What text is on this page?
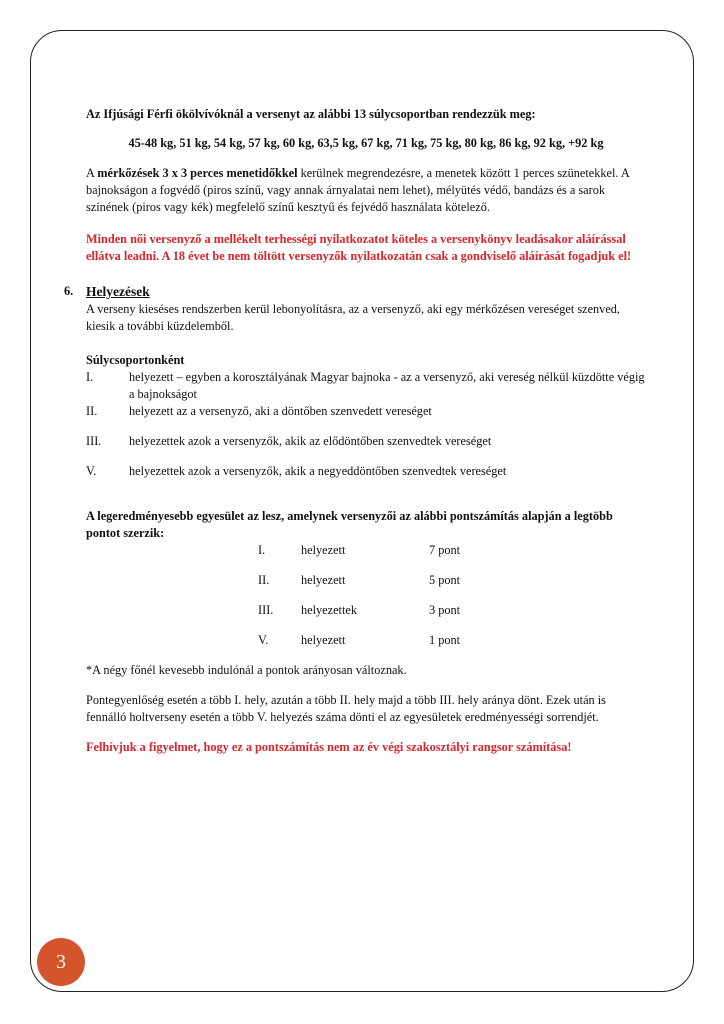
Az Ifjúsági Férfi ökölvívóknál a versenyt az alábbi 13 súlycsoportban rendezzük meg:

45-48 kg, 51 kg, 54 kg, 57 kg, 60 kg, 63,5 kg, 67 kg, 71 kg, 75 kg, 80 kg, 86 kg, 92 kg, +92 kg

A mérkőzések 3 x 3 perces menetidőkkel kerülnek megrendezésre, a menetek között 1 perces szünetekkel. A bajnokságon a fogvédő (piros színű, vagy annak árnyalatai nem lehet), mélyütés védő, bandázs és a sarok színének (piros vagy kék) megfelelő színű kesztyű és fejvédő használata kötelező.

Minden női versenyző a mellékelt terhességi nyilatkozatot köteles a versenykönyv leadásakor aláírással ellátva leadni. A 18 évet be nem töltött versenyzők nyilatkozatán csak a gondviselő aláírását fogadjuk el!

6. Helyezések

A verseny kieséses rendszerben kerül lebonyolításra, az a versenyző, aki egy mérkőzésen vereséget szenved, kiesik a további küzdelemből.

Súlycsoportonként

I.	helyezett – egyben a korosztályának Magyar bajnoka - az a versenyző, aki vereség nélkül küzdötte végig a bajnokságot
II.	helyezett az a versenyző, aki a döntőben szenvedett vereséget
III.	helyezettek azok a versenyzők, akik az elődöntőben szenvedtek vereséget
V.	helyezettek azok a versenyzők, akik a negyeddöntőben szenvedtek vereséget

A legeredményesebb egyesület az lesz, amelynek versenyzői az alábbi pontszámítás alapján a legtöbb pontot szerzik:

I.	helyezett	7 pont
II.	helyezett	5 pont
III.	helyezettek	3 pont
V.	helyezett	1 pont

*A négy főnél kevesebb indulónál a pontok arányosan változnak.

Pontegyenlőség esetén a több I. hely, azután a több II. hely majd a több III. hely aránya dönt. Ezek után is fennálló holtverseny esetén a több V. helyezés száma dönti el az egyesületek eredményességi sorrendjét.

Felhívjuk a figyelmet, hogy ez a pontszámítás nem az év végi szakosztályi rangsor számítása!

3
